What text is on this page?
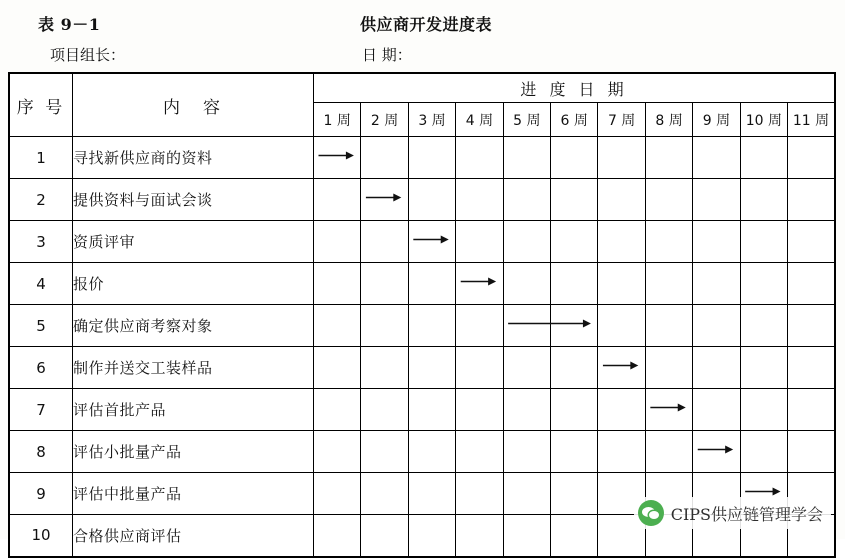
表 9－1	供应商开发进度表
项目组长：	日 期：
序 号	内　容	进 度 日 期										
		1 周	2 周	3 周	4 周	5 周	6 周	7 周	8 周	9 周	10 周	11 周
1	寻找新供应商的资料											
2	提供资料与面试会谈											
3	资质评审											
4	报价											
5	确定供应商考察对象											
6	制作并送交工装样品											
7	评估首批产品											
8	评估小批量产品											
9	评估中批量产品											
10	合格供应商评估											
CIPS供应链管理学会
